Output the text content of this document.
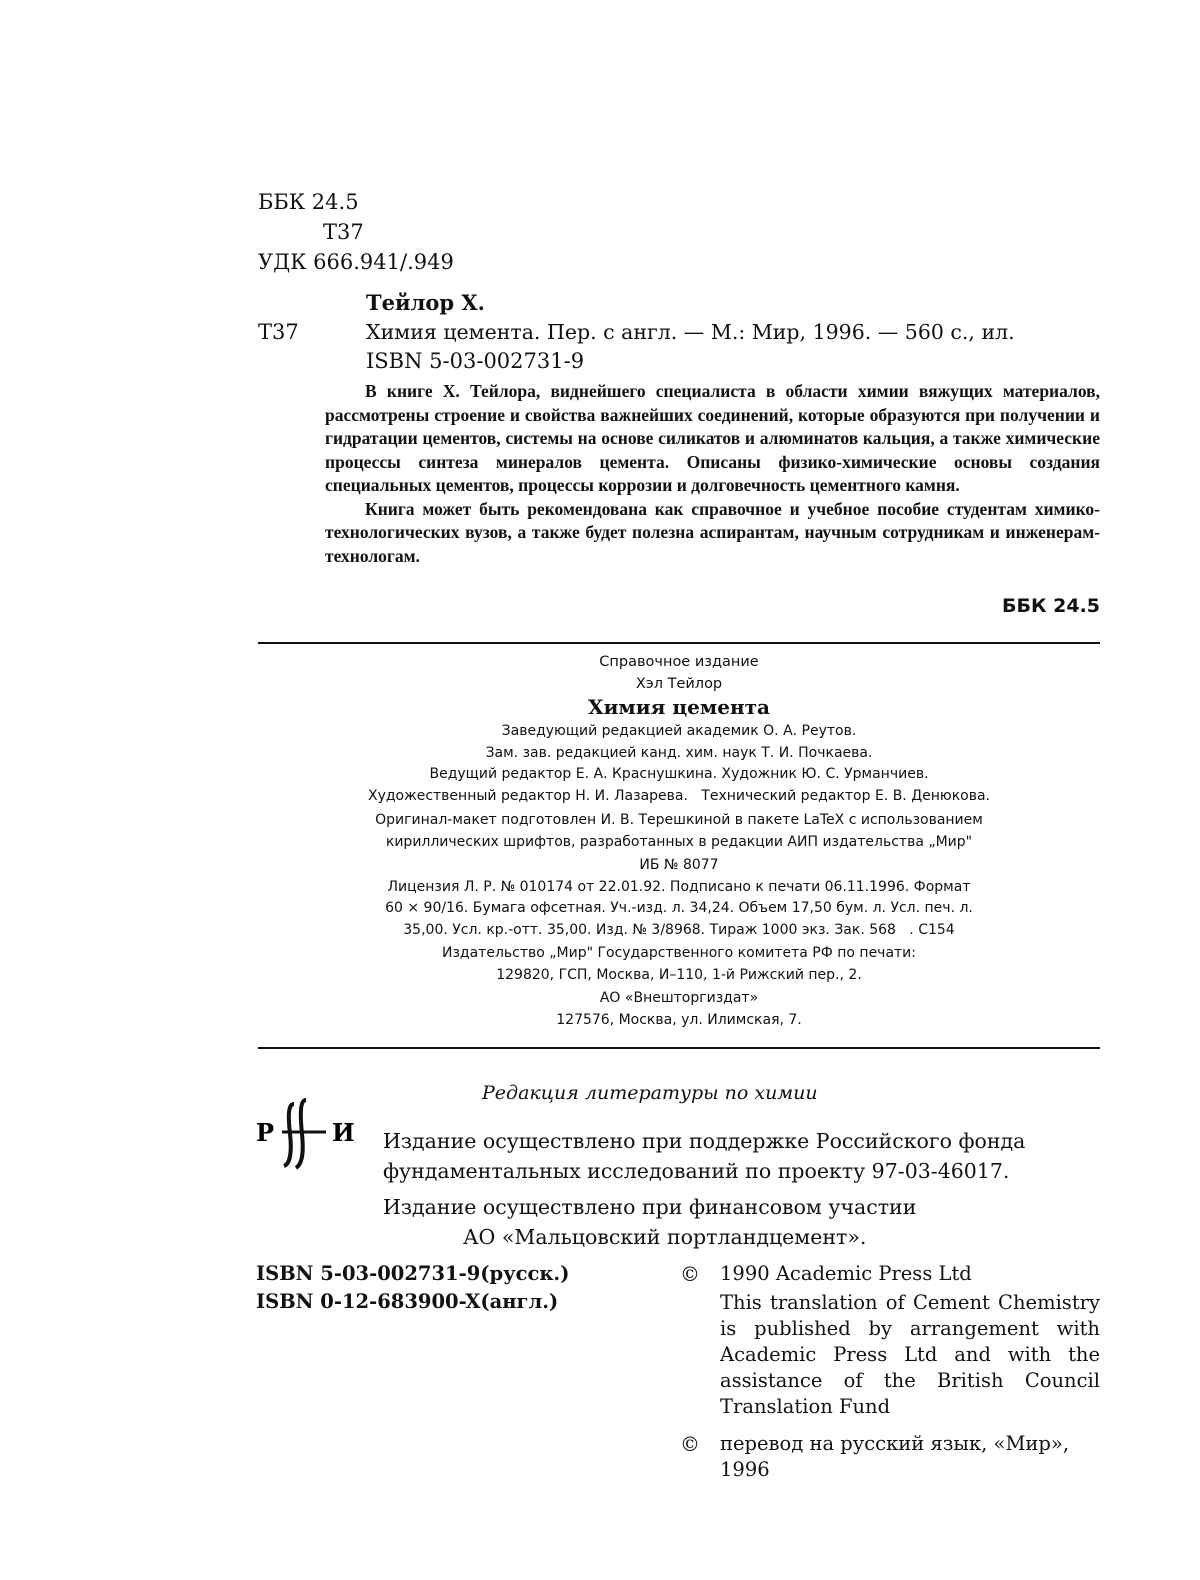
ББК 24.5
Т37
УДК 666.941/.949
Тейлор Х.
Т37	Химия цемента. Пер. с англ. — М.: Мир, 1996. — 560 с., ил.
ISBN 5-03-002731-9

В книге Х. Тейлора, виднейшего специалиста в области химии вяжущих материалов, рассмотрены строение и свойства важнейших соединений, которые образуются при получении и гидратации цементов, системы на основе силикатов и алюминатов кальция, а также химические процессы синтеза минералов цемента. Описаны физико-химические основы создания специальных цементов, процессы коррозии и долговечность цементного камня.

Книга может быть рекомендована как справочное и учебное пособие студентам химико-технологических вузов, а также будет полезна аспирантам, научным сотрудникам и инженерам-технологам.

ББК 24.5
Справочное издание
Хэл Тейлор
Химия цемента
Заведующий редакцией академик О. А. Реутов.
Зам. зав. редакцией канд. хим. наук Т. И. Почкаева.
Ведущий редактор Е. А. Краснушкина. Художник Ю. С. Урманчиев.
Художественный редактор Н. И. Лазарева.   Технический редактор Е. В. Денюкова.
Оригинал-макет подготовлен И. В. Терешкиной в пакете LaTeX с использованием
кириллических шрифтов, разработанных в редакции АИП издательства „Мир"
ИБ № 8077
Лицензия Л. Р. № 010174 от 22.01.92. Подписано к печати 06.11.1996. Формат
60 × 90/16. Бумага офсетная. Уч.-изд. л. 34,24. Объем 17,50 бум. л. Усл. печ. л.
35,00. Усл. кр.-отт. 35,00. Изд. № 3/8968. Тираж 1000 экз. Зак. 568   . С154
Издательство „Мир" Государственного комитета РФ по печати:
129820, ГСП, Москва, И–110, 1-й Рижский пер., 2.
АО «Внешторгиздат»
127576, Москва, ул. Илимская, 7.
Редакция литературы по химии
Р И Издание осуществлено при поддержке Российского фонда
фундаментальных исследований по проекту 97-03-46017.
Издание осуществлено при финансовом участии
АО «Мальцовский портландцемент».
ISBN 5-03-002731-9(русск.)
ISBN 0-12-683900-X(англ.)
© 1990 Academic Press Ltd
This translation of Cement Chemistry is published by arrangement with Academic Press Ltd and with the assistance of the British Council Translation Fund
© перевод на русский язык, «Мир»,
1996
